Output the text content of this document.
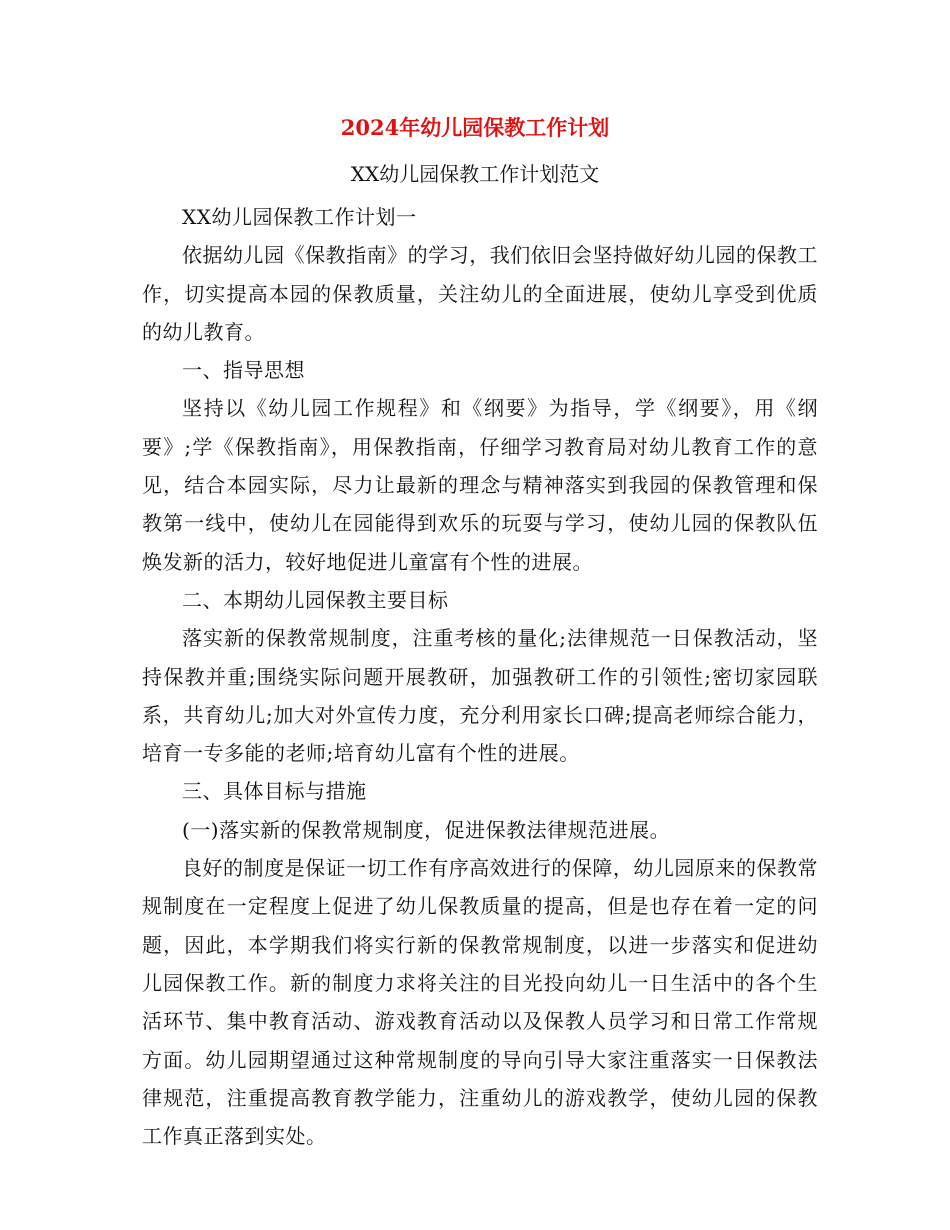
2024年幼儿园保教工作计划
XX幼儿园保教工作计划范文

XX幼儿园保教工作计划一

依据幼儿园《保教指南》的学习，我们依旧会坚持做好幼儿园的保教工作，切实提高本园的保教质量，关注幼儿的全面进展，使幼儿享受到优质的幼儿教育。

一、指导思想

坚持以《幼儿园工作规程》和《纲要》为指导，学《纲要》，用《纲要》;学《保教指南》，用保教指南，仔细学习教育局对幼儿教育工作的意见，结合本园实际，尽力让最新的理念与精神落实到我园的保教管理和保教第一线中，使幼儿在园能得到欢乐的玩耍与学习，使幼儿园的保教队伍焕发新的活力，较好地促进儿童富有个性的进展。

二、本期幼儿园保教主要目标

落实新的保教常规制度，注重考核的量化;法律规范一日保教活动，坚持保教并重;围绕实际问题开展教研，加强教研工作的引领性;密切家园联系，共育幼儿;加大对外宣传力度，充分利用家长口碑;提高老师综合能力，培育一专多能的老师;培育幼儿富有个性的进展。

三、具体目标与措施

(一)落实新的保教常规制度，促进保教法律规范进展。

良好的制度是保证一切工作有序高效进行的保障，幼儿园原来的保教常规制度在一定程度上促进了幼儿保教质量的提高，但是也存在着一定的问题，因此，本学期我们将实行新的保教常规制度，以进一步落实和促进幼儿园保教工作。新的制度力求将关注的目光投向幼儿一日生活中的各个生活环节、集中教育活动、游戏教育活动以及保教人员学习和日常工作常规方面。幼儿园期望通过这种常规制度的导向引导大家注重落实一日保教法律规范，注重提高教育教学能力，注重幼儿的游戏教学，使幼儿园的保教工作真正落到实处。
